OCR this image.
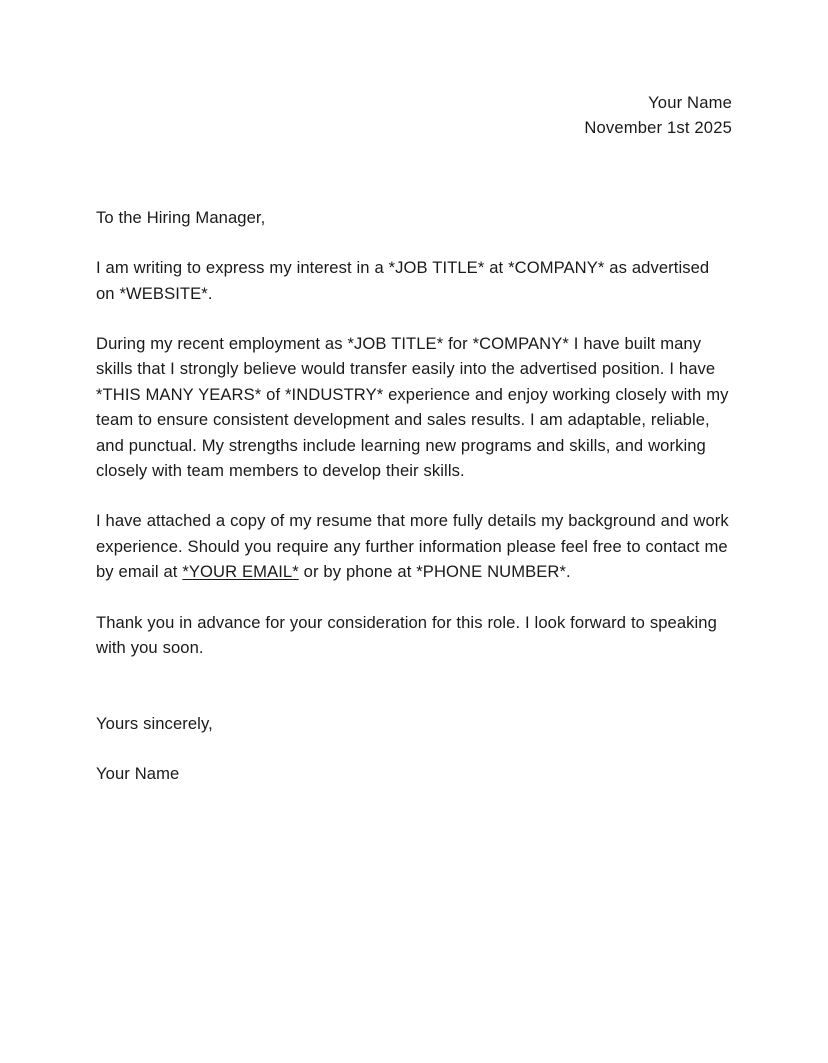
Your Name
November 1st 2025

To the Hiring Manager,

I am writing to express my interest in a *JOB TITLE* at *COMPANY* as advertised on *WEBSITE*.

During my recent employment as *JOB TITLE* for *COMPANY* I have built many skills that I strongly believe would transfer easily into the advertised position. I have *THIS MANY YEARS* of *INDUSTRY* experience and enjoy working closely with my team to ensure consistent development and sales results. I am adaptable, reliable, and punctual. My strengths include learning new programs and skills, and working closely with team members to develop their skills.

I have attached a copy of my resume that more fully details my background and work experience. Should you require any further information please feel free to contact me by email at *YOUR EMAIL* or by phone at *PHONE NUMBER*.

Thank you in advance for your consideration for this role. I look forward to speaking with you soon.

Yours sincerely,

Your Name
